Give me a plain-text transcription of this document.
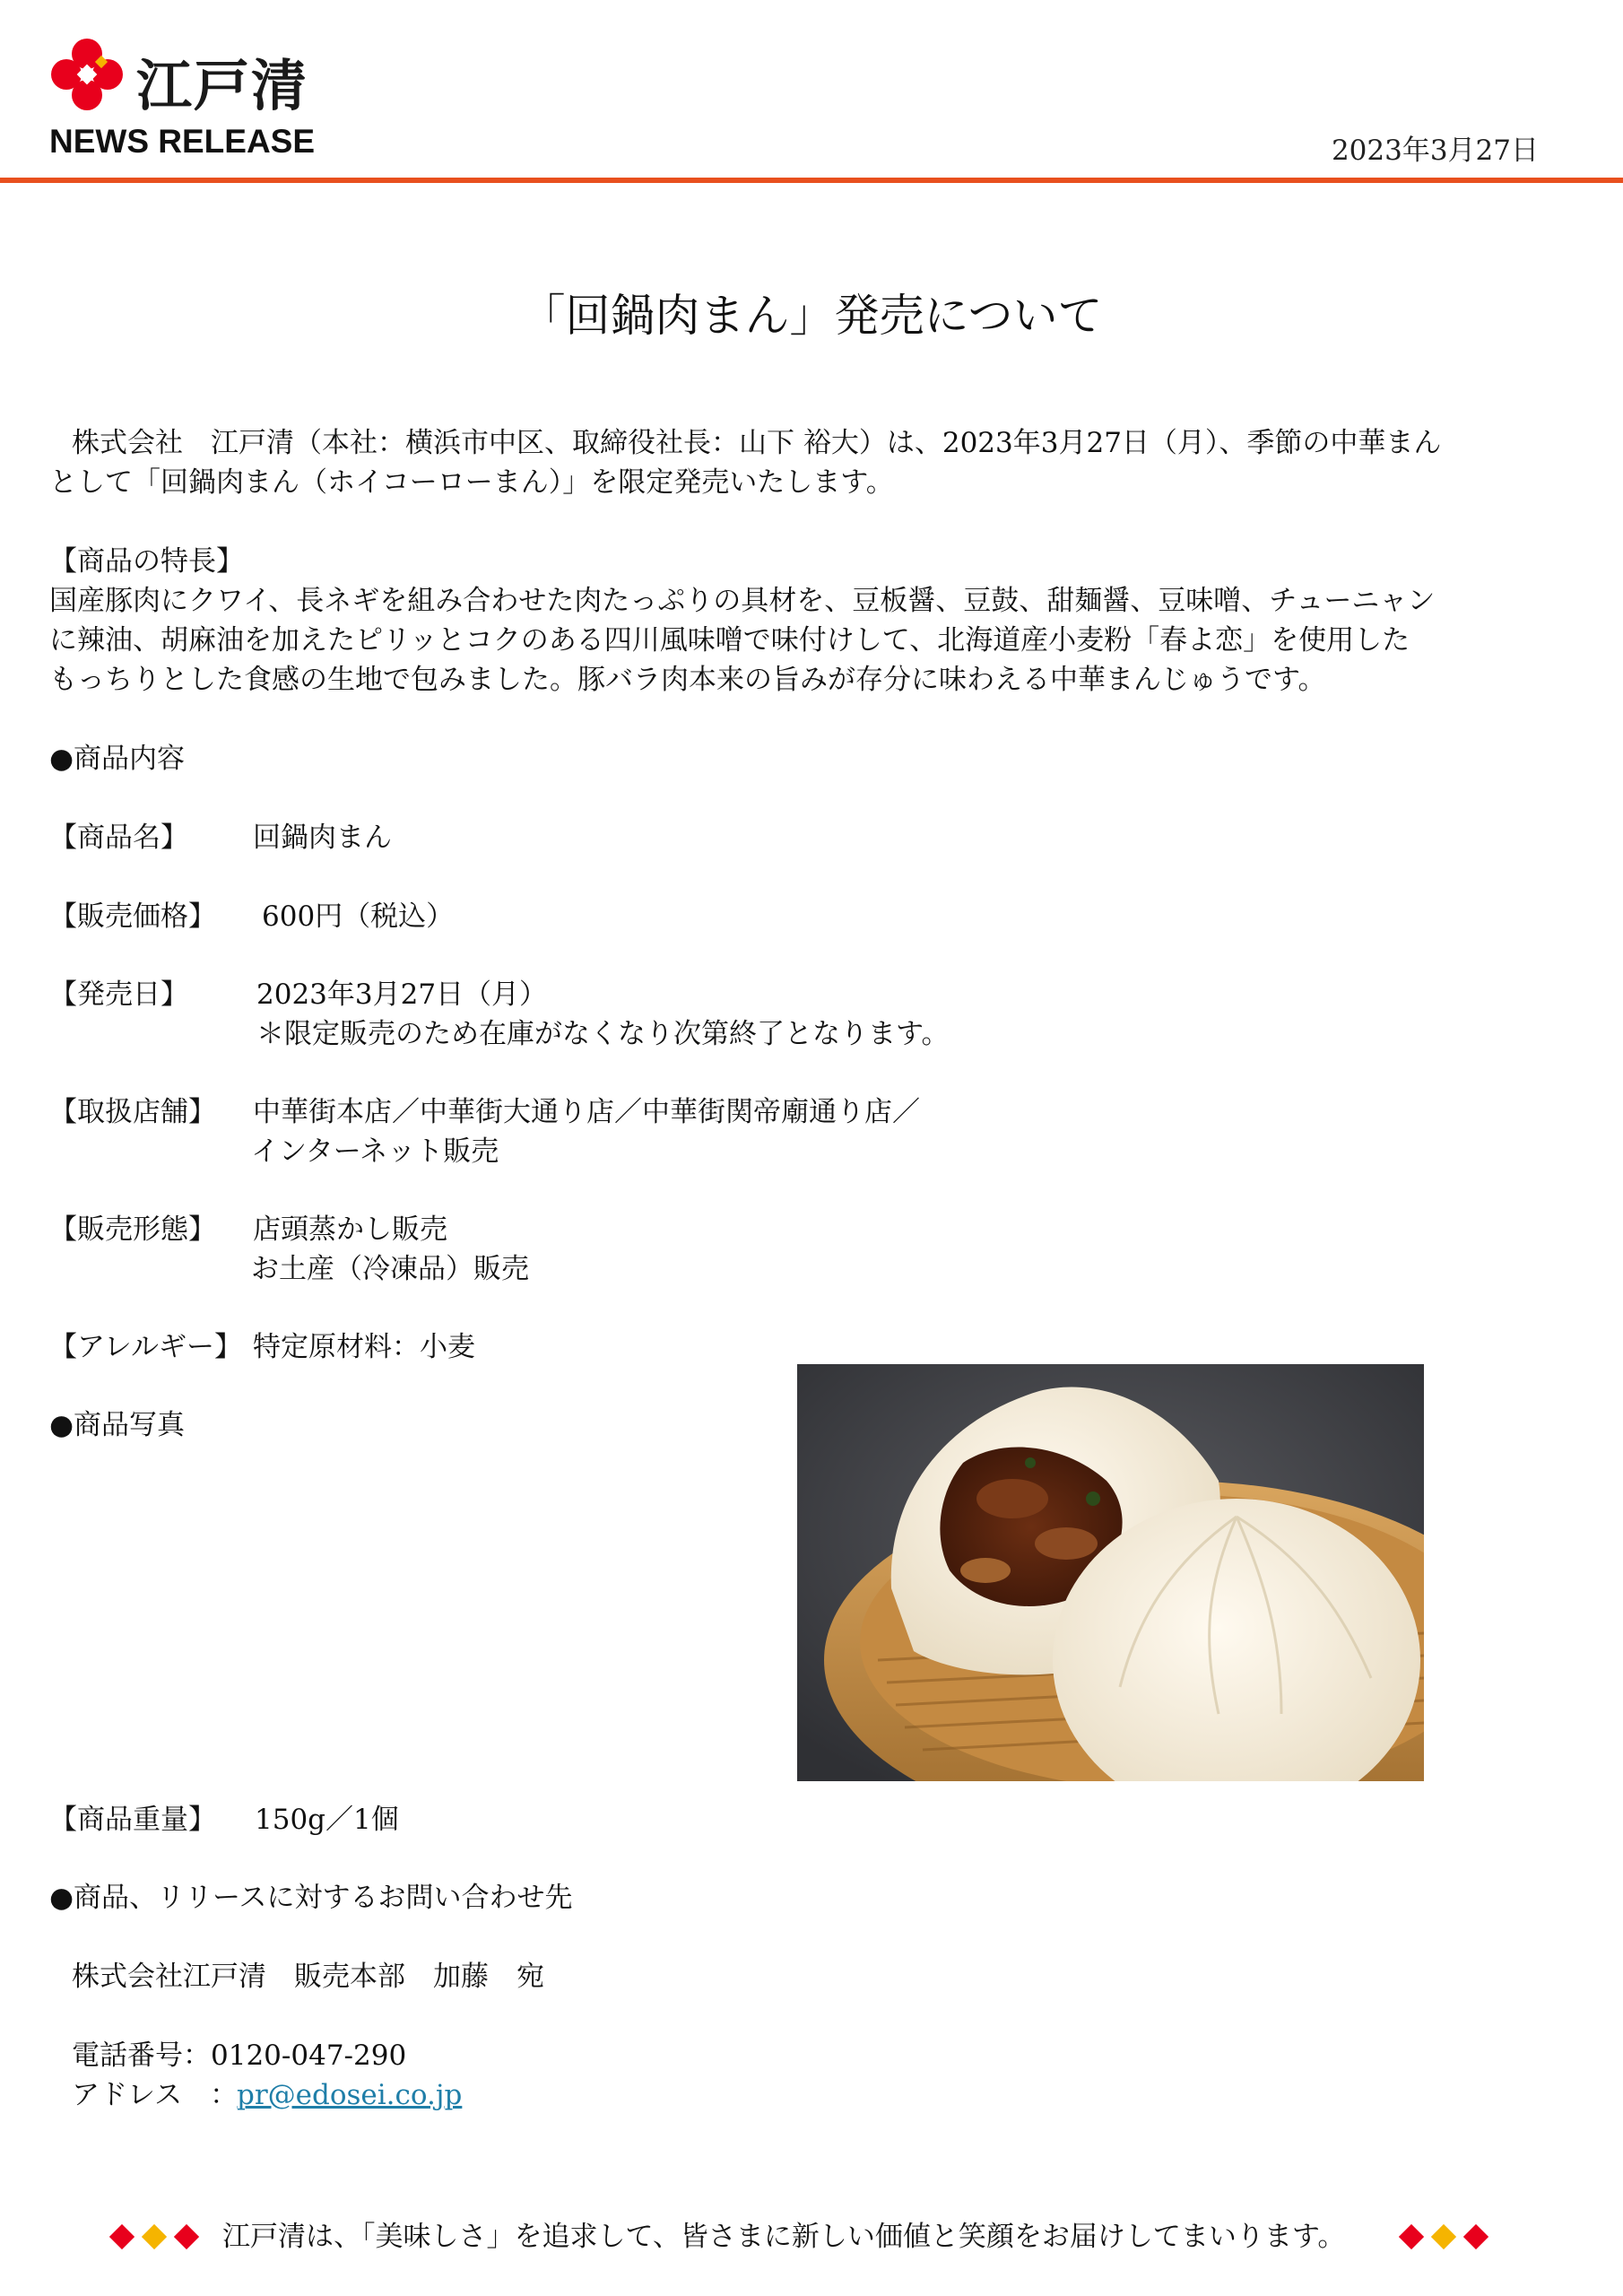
江戸清
NEWS RELEASE	2023年3月27日
「回鍋肉まん」発売について
株式会社　江戸清（本社：横浜市中区、取締役社長：山下 裕大）は、2023年3月27日（月）、季節の中華まん
として「回鍋肉まん（ホイコーローまん）」を限定発売いたします。
【商品の特長】
国産豚肉にクワイ、長ネギを組み合わせた肉たっぷりの具材を、豆板醤、豆鼓、甜麺醤、豆味噌、チューニャン
に辣油、胡麻油を加えたピリッとコクのある四川風味噌で味付けして、北海道産小麦粉「春よ恋」を使用した
もっちりとした食感の生地で包みました。豚バラ肉本来の旨みが存分に味わえる中華まんじゅうです。
●商品内容
【商品名】 回鍋肉まん
【販売価格】 600円（税込）
【発売日】 2023年3月27日（月）
＊限定販売のため在庫がなくなり次第終了となります。
【取扱店舗】 中華街本店／中華街大通り店／中華街関帝廟通り店／
インターネット販売
【販売形態】 店頭蒸かし販売
お土産（冷凍品）販売
【アレルギー】 特定原材料：小麦
●商品写真
【商品重量】 150g／1個
●商品、リリースに対するお問い合わせ先
株式会社江戸清　販売本部　加藤　宛
電話番号：0120-047-290
アドレス　：
pr@edosei.co.jp
江戸清は、「美味しさ」を追求して、皆さまに新しい価値と笑顔をお届けしてまいります。
